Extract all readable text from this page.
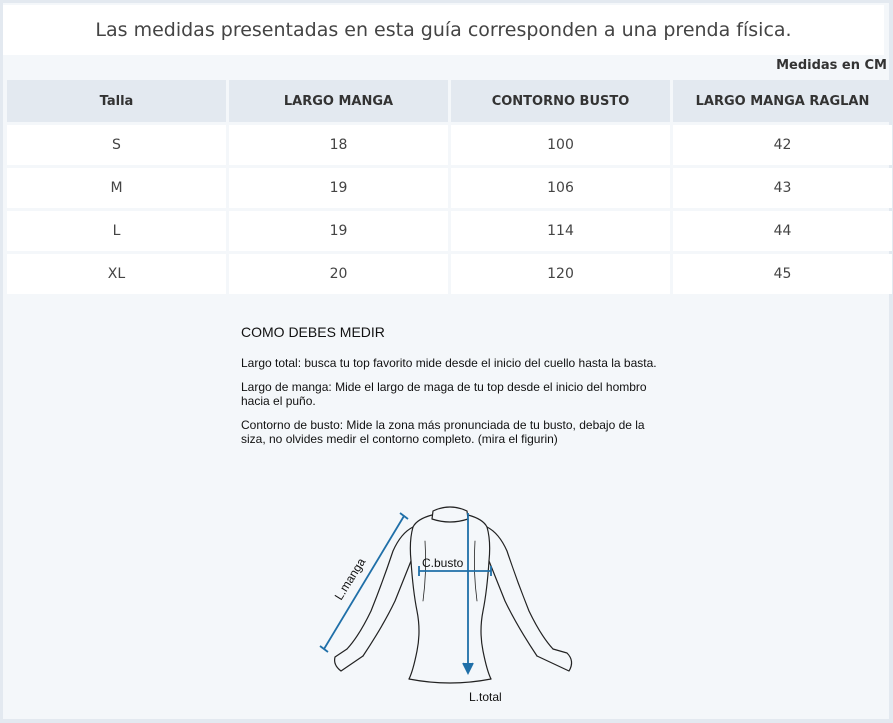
Las medidas presentadas en esta guía corresponden a una prenda física.
Medidas en CM
Talla	LARGO MANGA	CONTORNO BUSTO	LARGO MANGA RAGLAN
S	18	100	42
M	19	106	43
L	19	114	44
XL	20	120	45
COMO DEBES MEDIR

Largo total: busca tu top favorito mide desde el inicio del cuello hasta la basta.

Largo de manga: Mide el largo de maga de tu top desde el inicio del hombro hacia el puño.

Contorno de busto: Mide la zona más pronunciada de tu busto, debajo de la siza, no olvides medir el contorno completo. (mira el figurin)

L.manga	C.busto
L.total
